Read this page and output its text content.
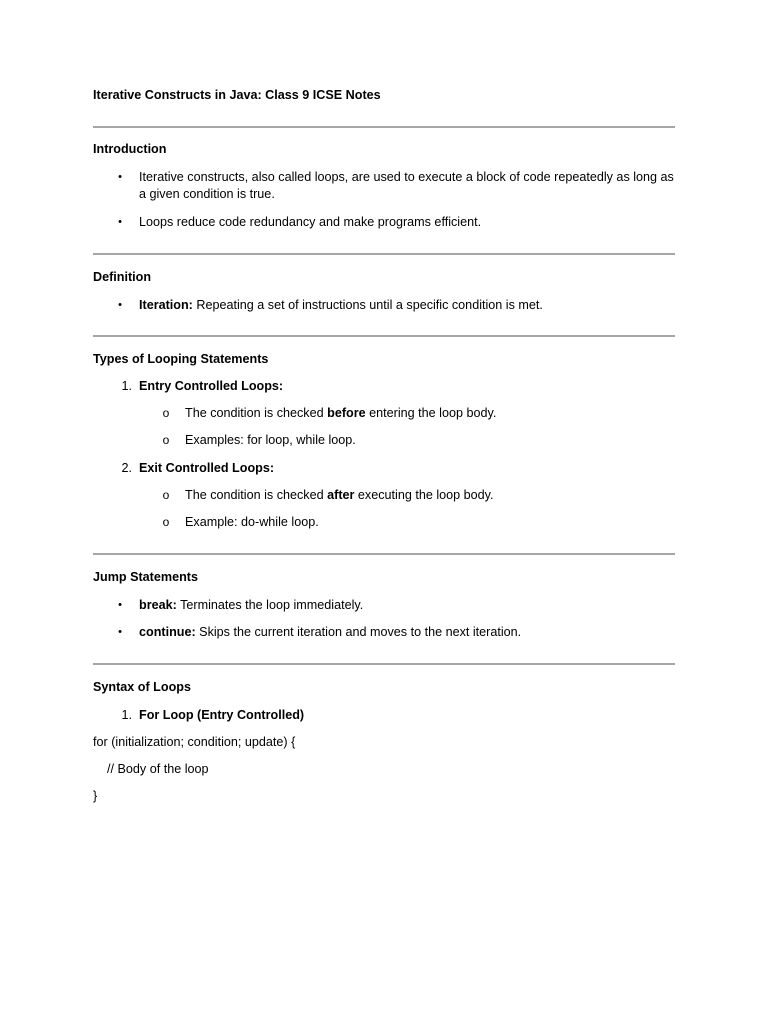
Iterative Constructs in Java: Class 9 ICSE Notes
Introduction
• Iterative constructs, also called loops, are used to execute a block of code repeatedly as long as a given condition is true.
• Loops reduce code redundancy and make programs efficient.
Definition
• Iteration: Repeating a set of instructions until a specific condition is met.
Types of Looping Statements
1. Entry Controlled Loops:
o The condition is checked before entering the loop body.
o Examples: for loop, while loop.
2. Exit Controlled Loops:
o The condition is checked after executing the loop body.
o Example: do-while loop.
Jump Statements
• break: Terminates the loop immediately.
• continue: Skips the current iteration and moves to the next iteration.
Syntax of Loops
1. For Loop (Entry Controlled)
for (initialization; condition; update) {
// Body of the loop
}
